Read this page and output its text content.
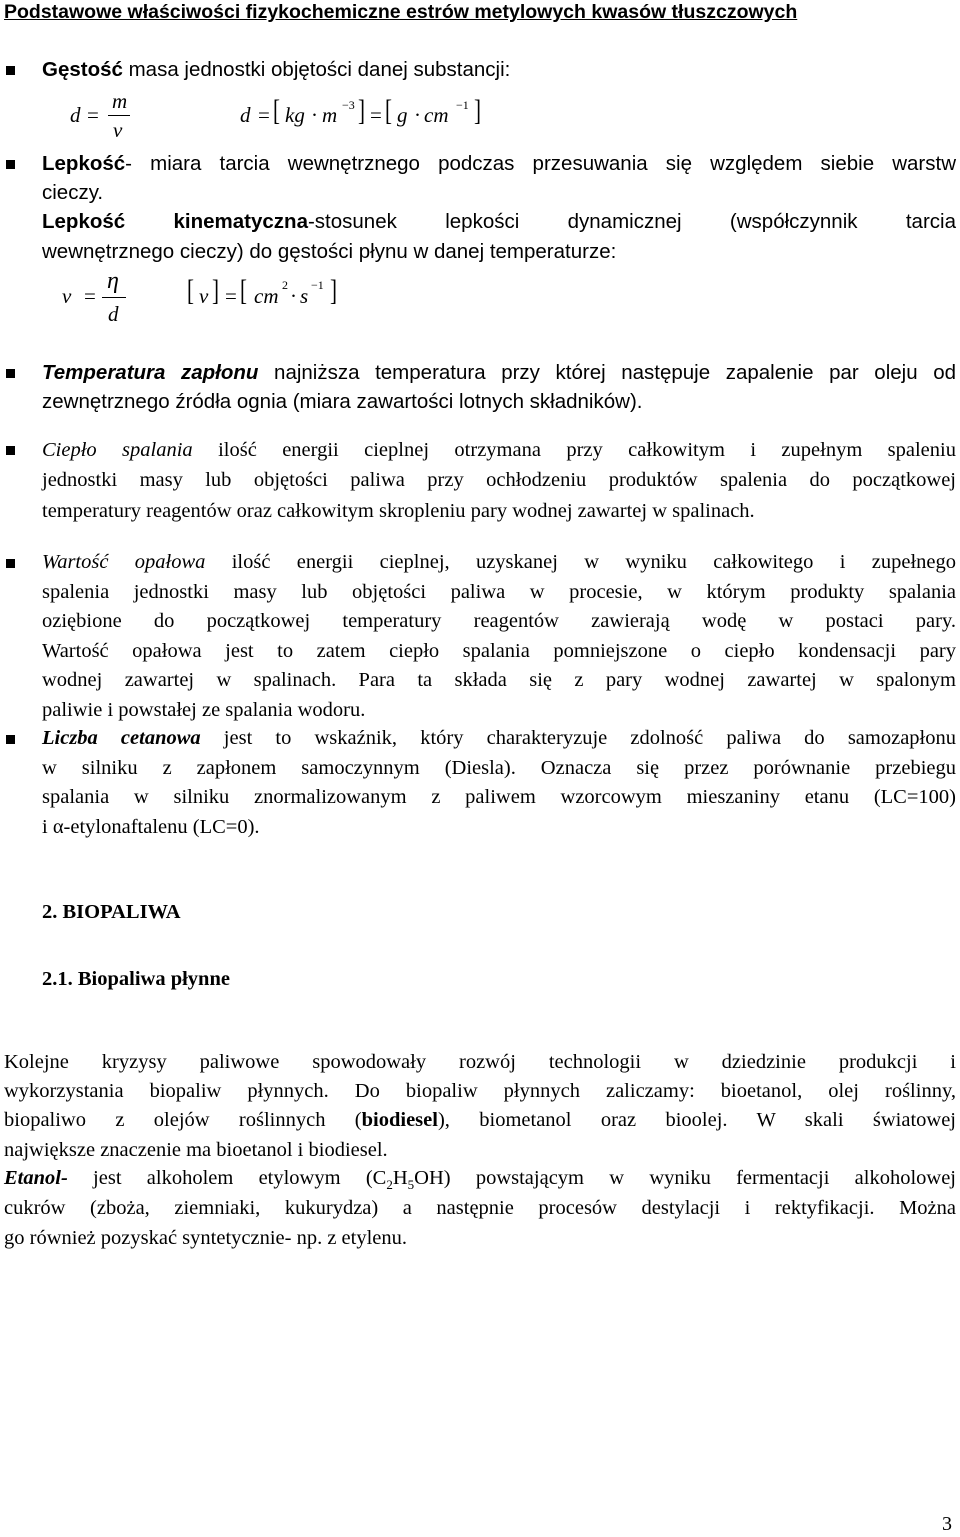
Podstawowe właściwości fizykochemiczne estrów metylowych kwasów tłuszczowych
Gęstość masa jednostki objętości danej substancji:
d =
m
v
d = [ kg · m −3 ] = [ g · cm −1 ]
Lepkość- miara tarcia wewnętrznego podczas przesuwania się względem siebie warstw
cieczy.
Lepkość kinematyczna-stosunek lepkości dynamicznej (współczynnik tarcia
wewnętrznego cieczy) do gęstości płynu w danej temperaturze:
ν =
η
d
[ ν ] = [ cm 2 · s −1 ]
Temperatura zapłonu najniższa temperatura przy której następuje zapalenie par oleju od
zewnętrznego źródła ognia (miara zawartości lotnych składników).
Ciepło spalania ilość energii cieplnej otrzymana przy całkowitym i zupełnym spaleniu
jednostki masy lub objętości paliwa przy ochłodzeniu produktów spalenia do początkowej
temperatury reagentów oraz całkowitym skropleniu pary wodnej zawartej w spalinach.
Wartość opałowa ilość energii cieplnej, uzyskanej w wyniku całkowitego i zupełnego
spalenia jednostki masy lub objętości paliwa w procesie, w którym produkty spalania
oziębione do początkowej temperatury reagentów zawierają wodę w postaci pary.
Wartość opałowa jest to zatem ciepło spalania pomniejszone o ciepło kondensacji pary
wodnej zawartej w spalinach. Para ta składa się z pary wodnej zawartej w spalonym
paliwie i powstałej ze spalania wodoru.
Liczba cetanowa jest to wskaźnik, który charakteryzuje zdolność paliwa do samozapłonu
w silniku z zapłonem samoczynnym (Diesla). Oznacza się przez porównanie przebiegu
spalania w silniku znormalizowanym z paliwem wzorcowym mieszaniny etanu (LC=100)
i α-etylonaftalenu (LC=0).
2. BIOPALIWA
2.1. Biopaliwa płynne
Kolejne kryzysy paliwowe spowodowały rozwój technologii w dziedzinie produkcji i
wykorzystania biopaliw płynnych. Do biopaliw płynnych zaliczamy: bioetanol, olej roślinny,
biopaliwo z olejów roślinnych (biodiesel), biometanol oraz bioolej. W skali światowej
największe znaczenie ma bioetanol i biodiesel.
Etanol- jest alkoholem etylowym $(C_2H_5OH)$ powstającym w wyniku fermentacji alkoholowej
cukrów (zboża, ziemniaki, kukurydza) a następnie procesów destylacji i rektyfikacji. Można
go również pozyskać syntetycznie- np. z etylenu.
3
